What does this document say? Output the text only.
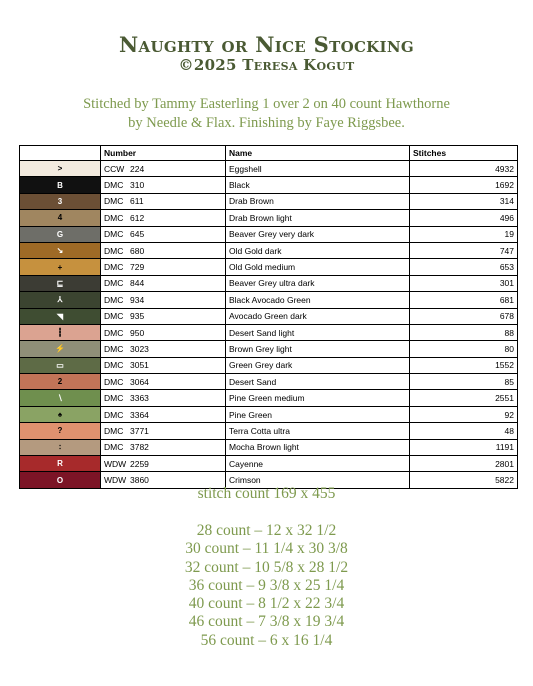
Naughty or Nice Stocking
©2025 Teresa Kogut
Stitched by Tammy Easterling 1 over 2 on 40 count Hawthorne
by Needle & Flax. Finishing by Faye Riggsbee.
	Number	Name	Stitches
>	CCW 224	Eggshell	4932
B	DMC 310	Black	1692
3	DMC 611	Drab Brown	314
4	DMC 612	Drab Brown light	496
G	DMC 645	Beaver Grey very dark	19
↘	DMC 680	Old Gold dark	747
+	DMC 729	Old Gold medium	653
⊑	DMC 844	Beaver Grey ultra dark	301
⅄	DMC 934	Black Avocado Green	681
◥	DMC 935	Avocado Green dark	678
┇	DMC 950	Desert Sand light	88
⚡	DMC 3023	Brown Grey light	80
▭	DMC 3051	Green Grey dark	1552
2	DMC 3064	Desert Sand	85
∖	DMC 3363	Pine Green medium	2551
♠	DMC 3364	Pine Green	92
?	DMC 3771	Terra Cotta ultra	48
∶	DMC 3782	Mocha Brown light	1191
R	WDW 2259	Cayenne	2801
O	WDW 3860	Crimson	5822
stitch count 169 x 455
28 count – 12 x 32 1/2
30 count – 11 1/4 x 30 3/8
32 count – 10 5/8 x 28 1/2
36 count – 9 3/8 x 25 1/4
40 count – 8 1/2 x 22 3/4
46 count – 7 3/8 x 19 3/4
56 count – 6 x 16 1/4
